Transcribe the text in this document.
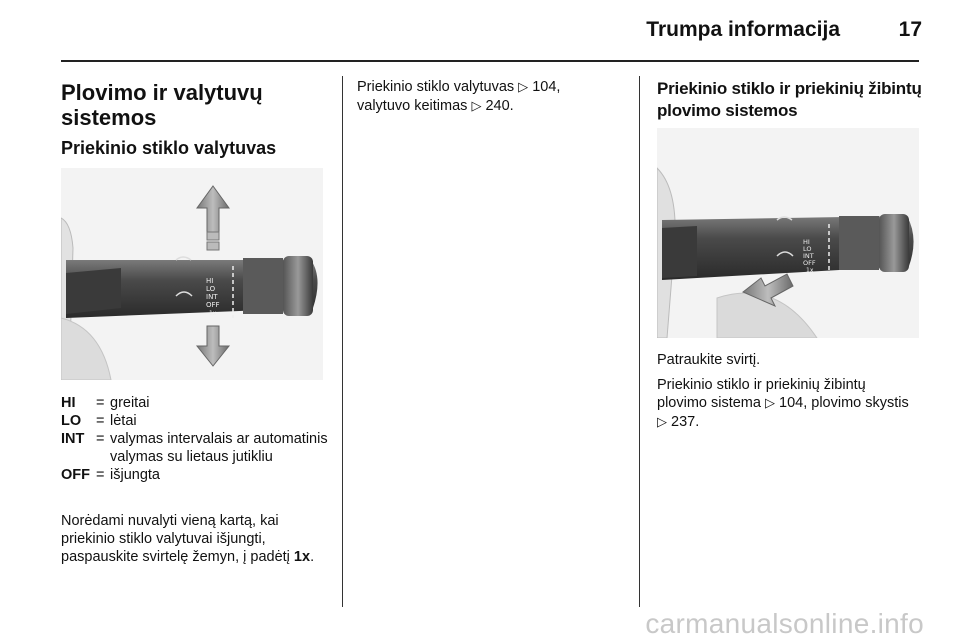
Trumpa informacija	17
Plovimo ir valytuvų sistemos
Priekinio stiklo valytuvas
HI
LO
INT
OFF
1x
HI	= greitai
LO	= lėtai
INT = valymas intervalais ar automatinis valymas su lietaus jutikliu
OFF = išjungta
Norėdami nuvalyti vieną kartą, kai priekinio stiklo valytuvai išjungti, paspauskite svirtelę žemyn, į padėtį 1x.
Priekinio stiklo valytuvas ▷ 104,
valytuvo keitimas ▷ 240.
Priekinio stiklo ir priekinių žibintų plovimo sistemos
HI
LO
INT
OFF
1x
Patraukite svirtį.
Priekinio stiklo ir priekinių žibintų plovimo sistema ▷ 104, plovimo skystis ▷ 237.
carmanualsonline.info
